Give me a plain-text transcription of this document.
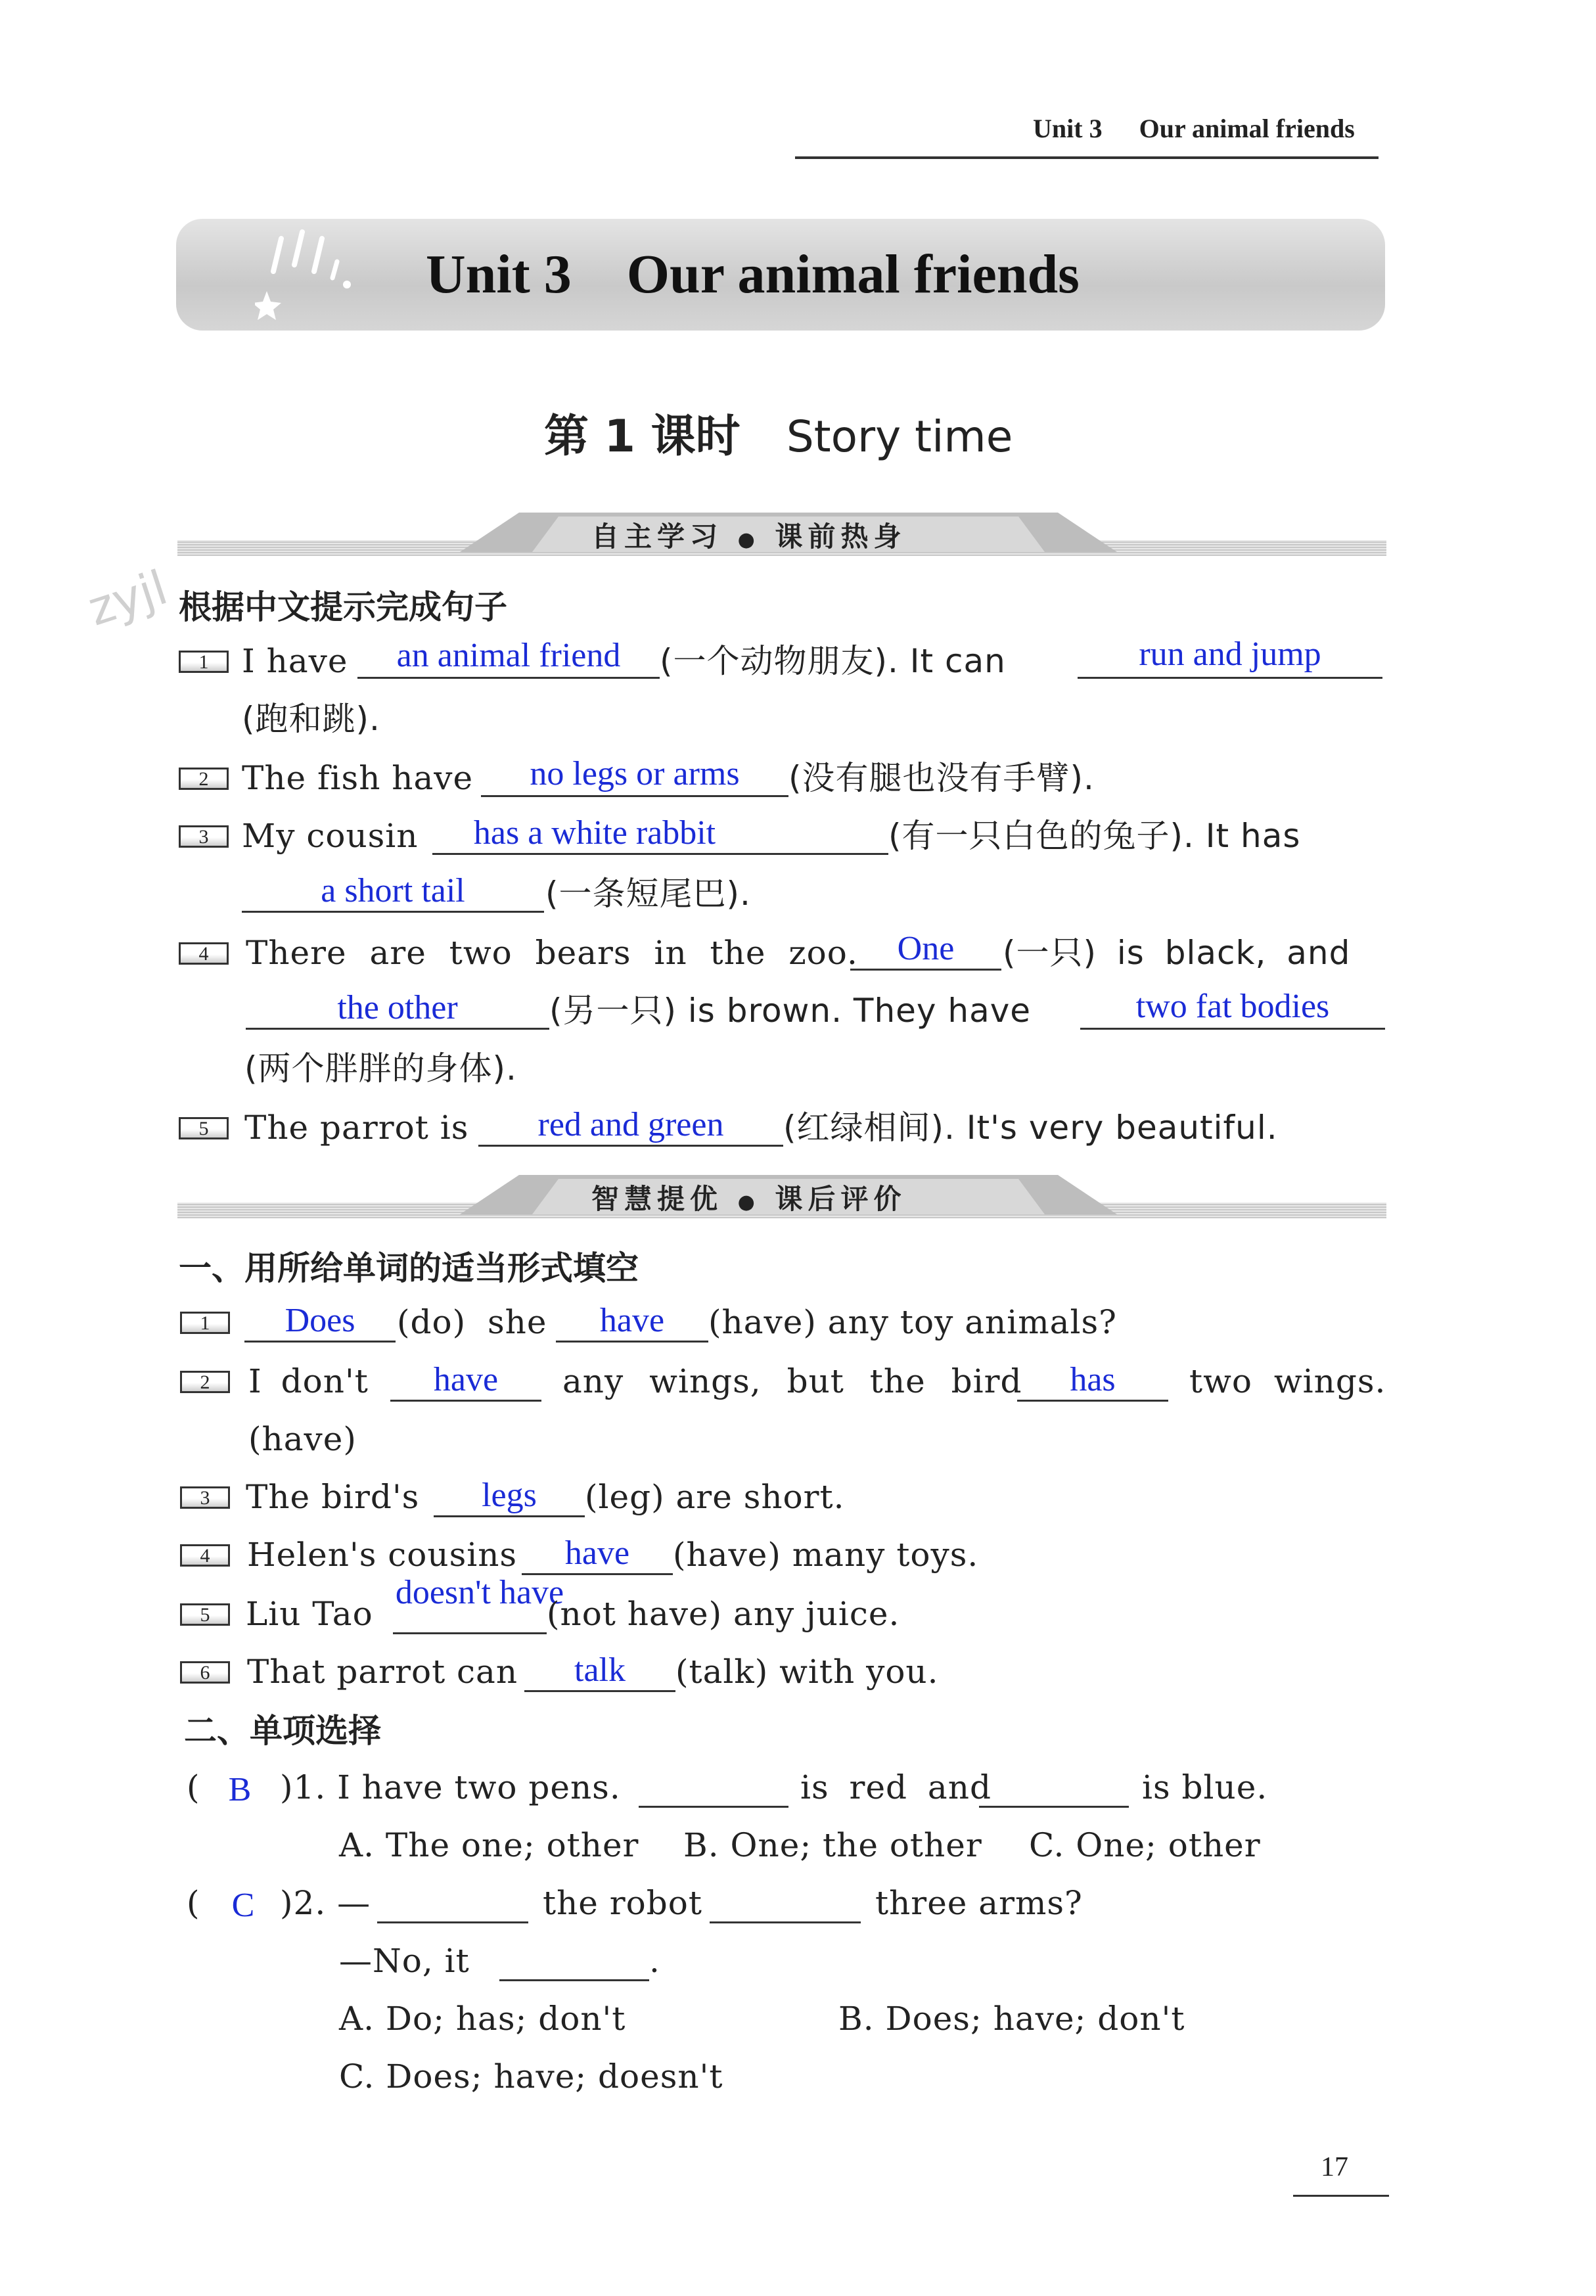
Unit 3 Our animal friends
Unit 3    Our animal friends
第 1 课时 Story time
自主学习 ● 课前热身
zyjl 根据中文提示完成句子
1	I have	an animal friend	(一个动物朋友). It can	run and jump
(跑和跳).
2	The fish have	no legs or arms	(没有腿也没有手臂).
3	My cousin	has a white rabbit	(有一只白色的兔子). It has
a short tail	(一条短尾巴).
4	There are two bears in the zoo.	One	(一只) is black, and
the other	(另一只) is brown. They have	two fat bodies
(两个胖胖的身体).
5	The parrot is	red and green	(红绿相间). It's very beautiful.
智慧提优 ● 课后评价
一、用所给单词的适当形式填空
1	Does	(do) she	have	(have) any toy animals?
2	I don't	have	any wings, but the bird	has	two wings.
(have)
3	The bird's	legs	(leg) are short.
4	Helen's cousins	have	(have) many toys.
5	Liu Tao
doesn't have
(not have) any juice.
6	That parrot can	talk	(talk) with you.
二、单项选择
( B )1. I have two pens.	is red and	is blue.
A. The one; other B. One; the other C. One; other
( C )2. —	the robot	three arms?
—No, it	.
A. Do; has; don't	B. Does; have; don't
C. Does; have; doesn't
17
